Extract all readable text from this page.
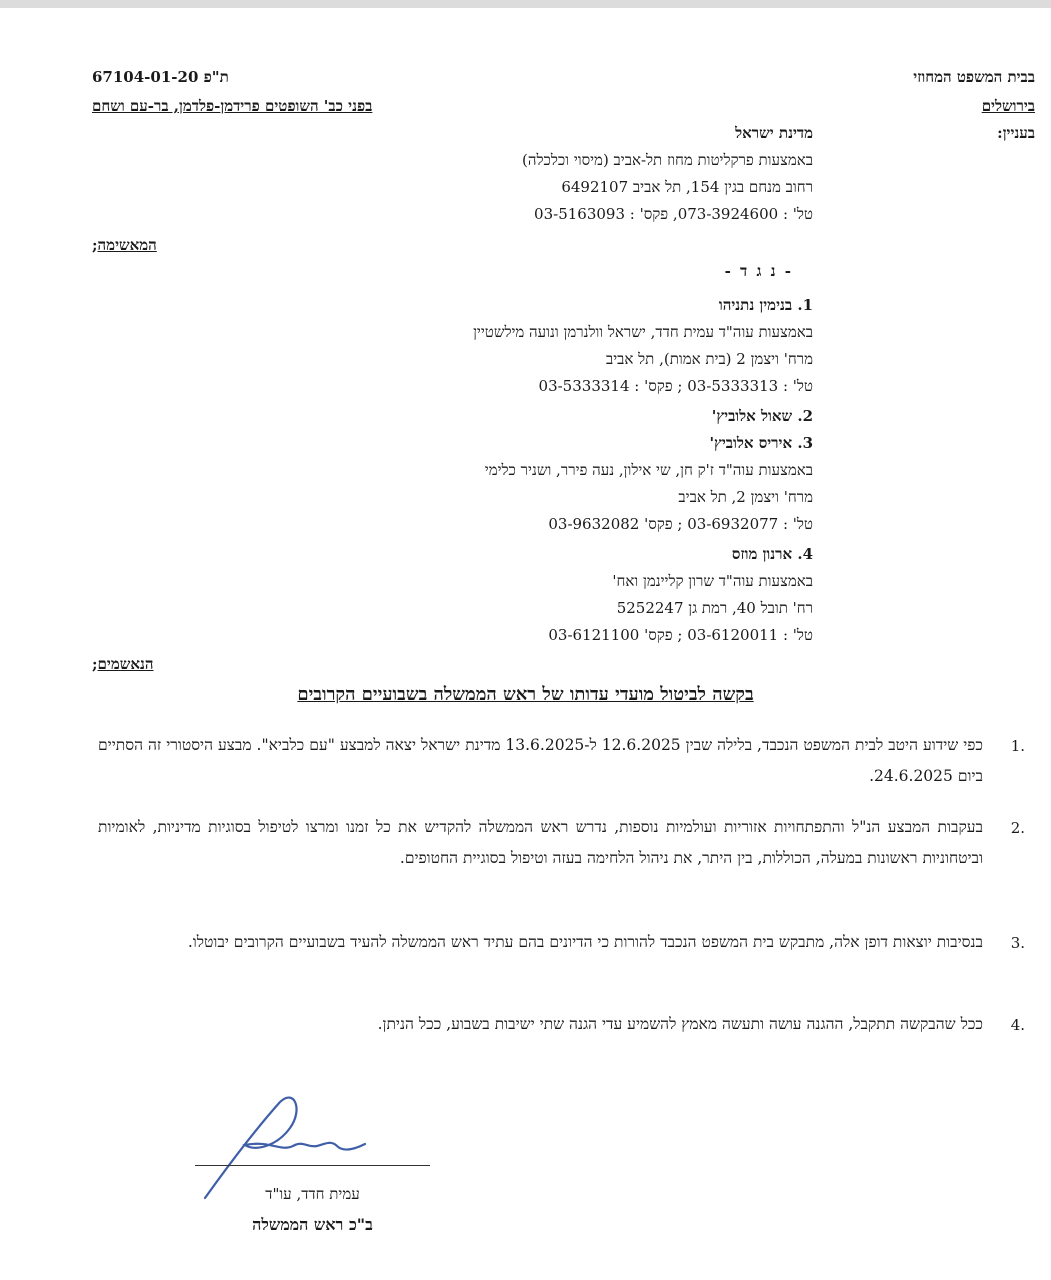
בבית המשפט המחוזי
בירושלים
בעניין:
67104-01-20 ת"פ
בפני כב' השופטים פרידמן-פלדמן, בר-עם ושחם
מדינת ישראל
באמצעות פרקליטות מחוז תל-אביב (מיסוי וכלכלה)
רחוב מנחם בגין 154, תל אביב 6492107
טל' : 073-3924600, פקס' : 03-5163093
המאשימה;
- נ ג ד -
1. בנימין נתניהו
באמצעות עוה"ד עמית חדד, ישראל וולנרמן ונועה מילשטיין
מרח' ויצמן 2 (בית אמות), תל אביב
טל' : 03-5333313 ; פקס' : 03-5333314
2. שאול אלוביץ'
3. איריס אלוביץ'
באמצעות עוה"ד ז'ק חן, שי אילון, נעה פירר, ושניר כלימי
מרח' ויצמן 2, תל אביב
טל' : 03-6932077 ; פקס' 03-9632082
4. ארנון מוזס
באמצעות עוה"ד שרון קליינמן ואח'
רח' תובל 40, רמת גן 5252247
טל' : 03-6120011 ; פקס' 03-6121100
הנאשמים;
בקשה לביטול מועדי עדותו של ראש הממשלה בשבועיים הקרובים
1.
כפי שידוע היטב לבית המשפט הנכבד, בלילה שבין 12.6.2025 ל-13.6.2025 מדינת ישראל יצאה למבצע "עם כלביא". מבצע היסטורי זה הסתיים ביום 24.6.2025.
2.
בעקבות המבצע הנ"ל והתפתחויות אזוריות ועולמיות נוספות, נדרש ראש הממשלה להקדיש את כל זמנו ומרצו לטיפול בסוגיות מדיניות, לאומיות וביטחוניות ראשונות במעלה, הכוללות, בין היתר, את ניהול הלחימה בעזה וטיפול בסוגיית החטופים.
3.
בנסיבות יוצאות דופן אלה, מתבקש בית המשפט הנכבד להורות כי הדיונים בהם עתיד ראש הממשלה להעיד בשבועיים הקרובים יבוטלו.
4.
ככל שהבקשה תתקבל, ההגנה עושה ותעשה מאמץ להשמיע עדי הגנה שתי ישיבות בשבוע, ככל הניתן.
עמית חדד, עו"ד
ב"כ ראש הממשלה
